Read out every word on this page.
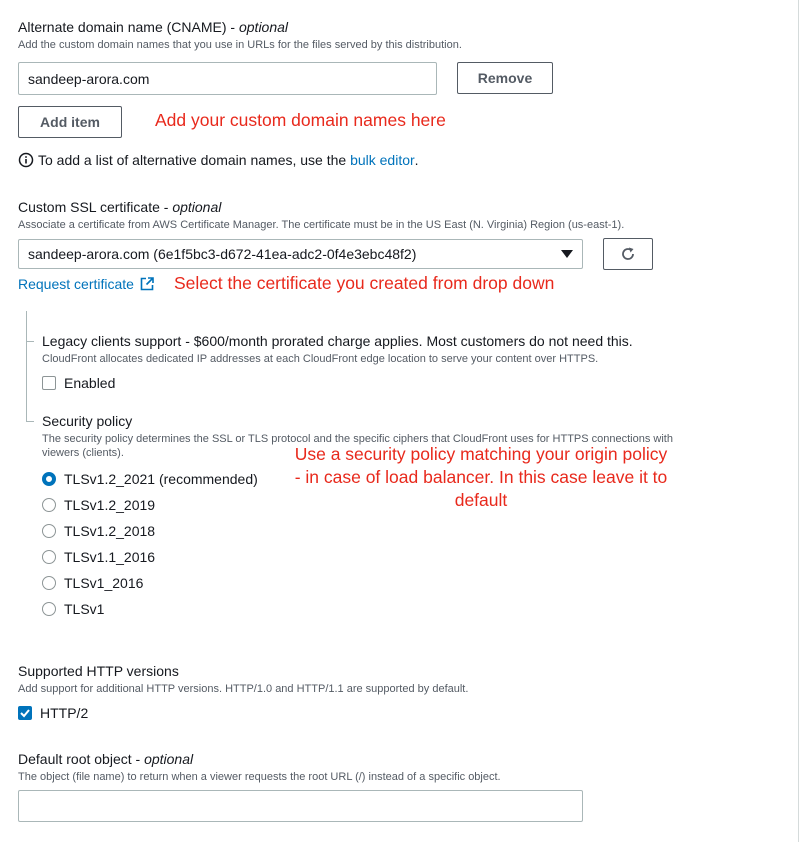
Alternate domain name (CNAME) - optional
Add the custom domain names that you use in URLs for the files served by this distribution.
sandeep-arora.com	Remove
Add item	Add your custom domain names here
To add a list of alternative domain names, use the
bulk editor .
Custom SSL certificate - optional
Associate a certificate from AWS Certificate Manager. The certificate must be in the US East (N. Virginia) Region (us-east-1).
sandeep-arora.com (6e1f5bc3-d672-41ea-adc2-0f4e3ebc48f2)
Request certificate Select the certificate you created from drop down
Legacy clients support - $600/month prorated charge applies. Most customers do not need this.
CloudFront allocates dedicated IP addresses at each CloudFront edge location to serve your content over HTTPS.
Enabled
Security policy
The security policy determines the SSL or TLS protocol and the specific ciphers that CloudFront uses for HTTPS connections with
viewers (clients).
TLSv1.2_2021 (recommended)
TLSv1.2_2019
TLSv1.2_2018
TLSv1.1_2016
TLSv1_2016
TLSv1
Use a security policy matching your origin policy
- in case of load balancer. In this case leave it to
default
Supported HTTP versions
Add support for additional HTTP versions. HTTP/1.0 and HTTP/1.1 are supported by default.
HTTP/2
Default root object - optional
The object (file name) to return when a viewer requests the root URL (/) instead of a specific object.
